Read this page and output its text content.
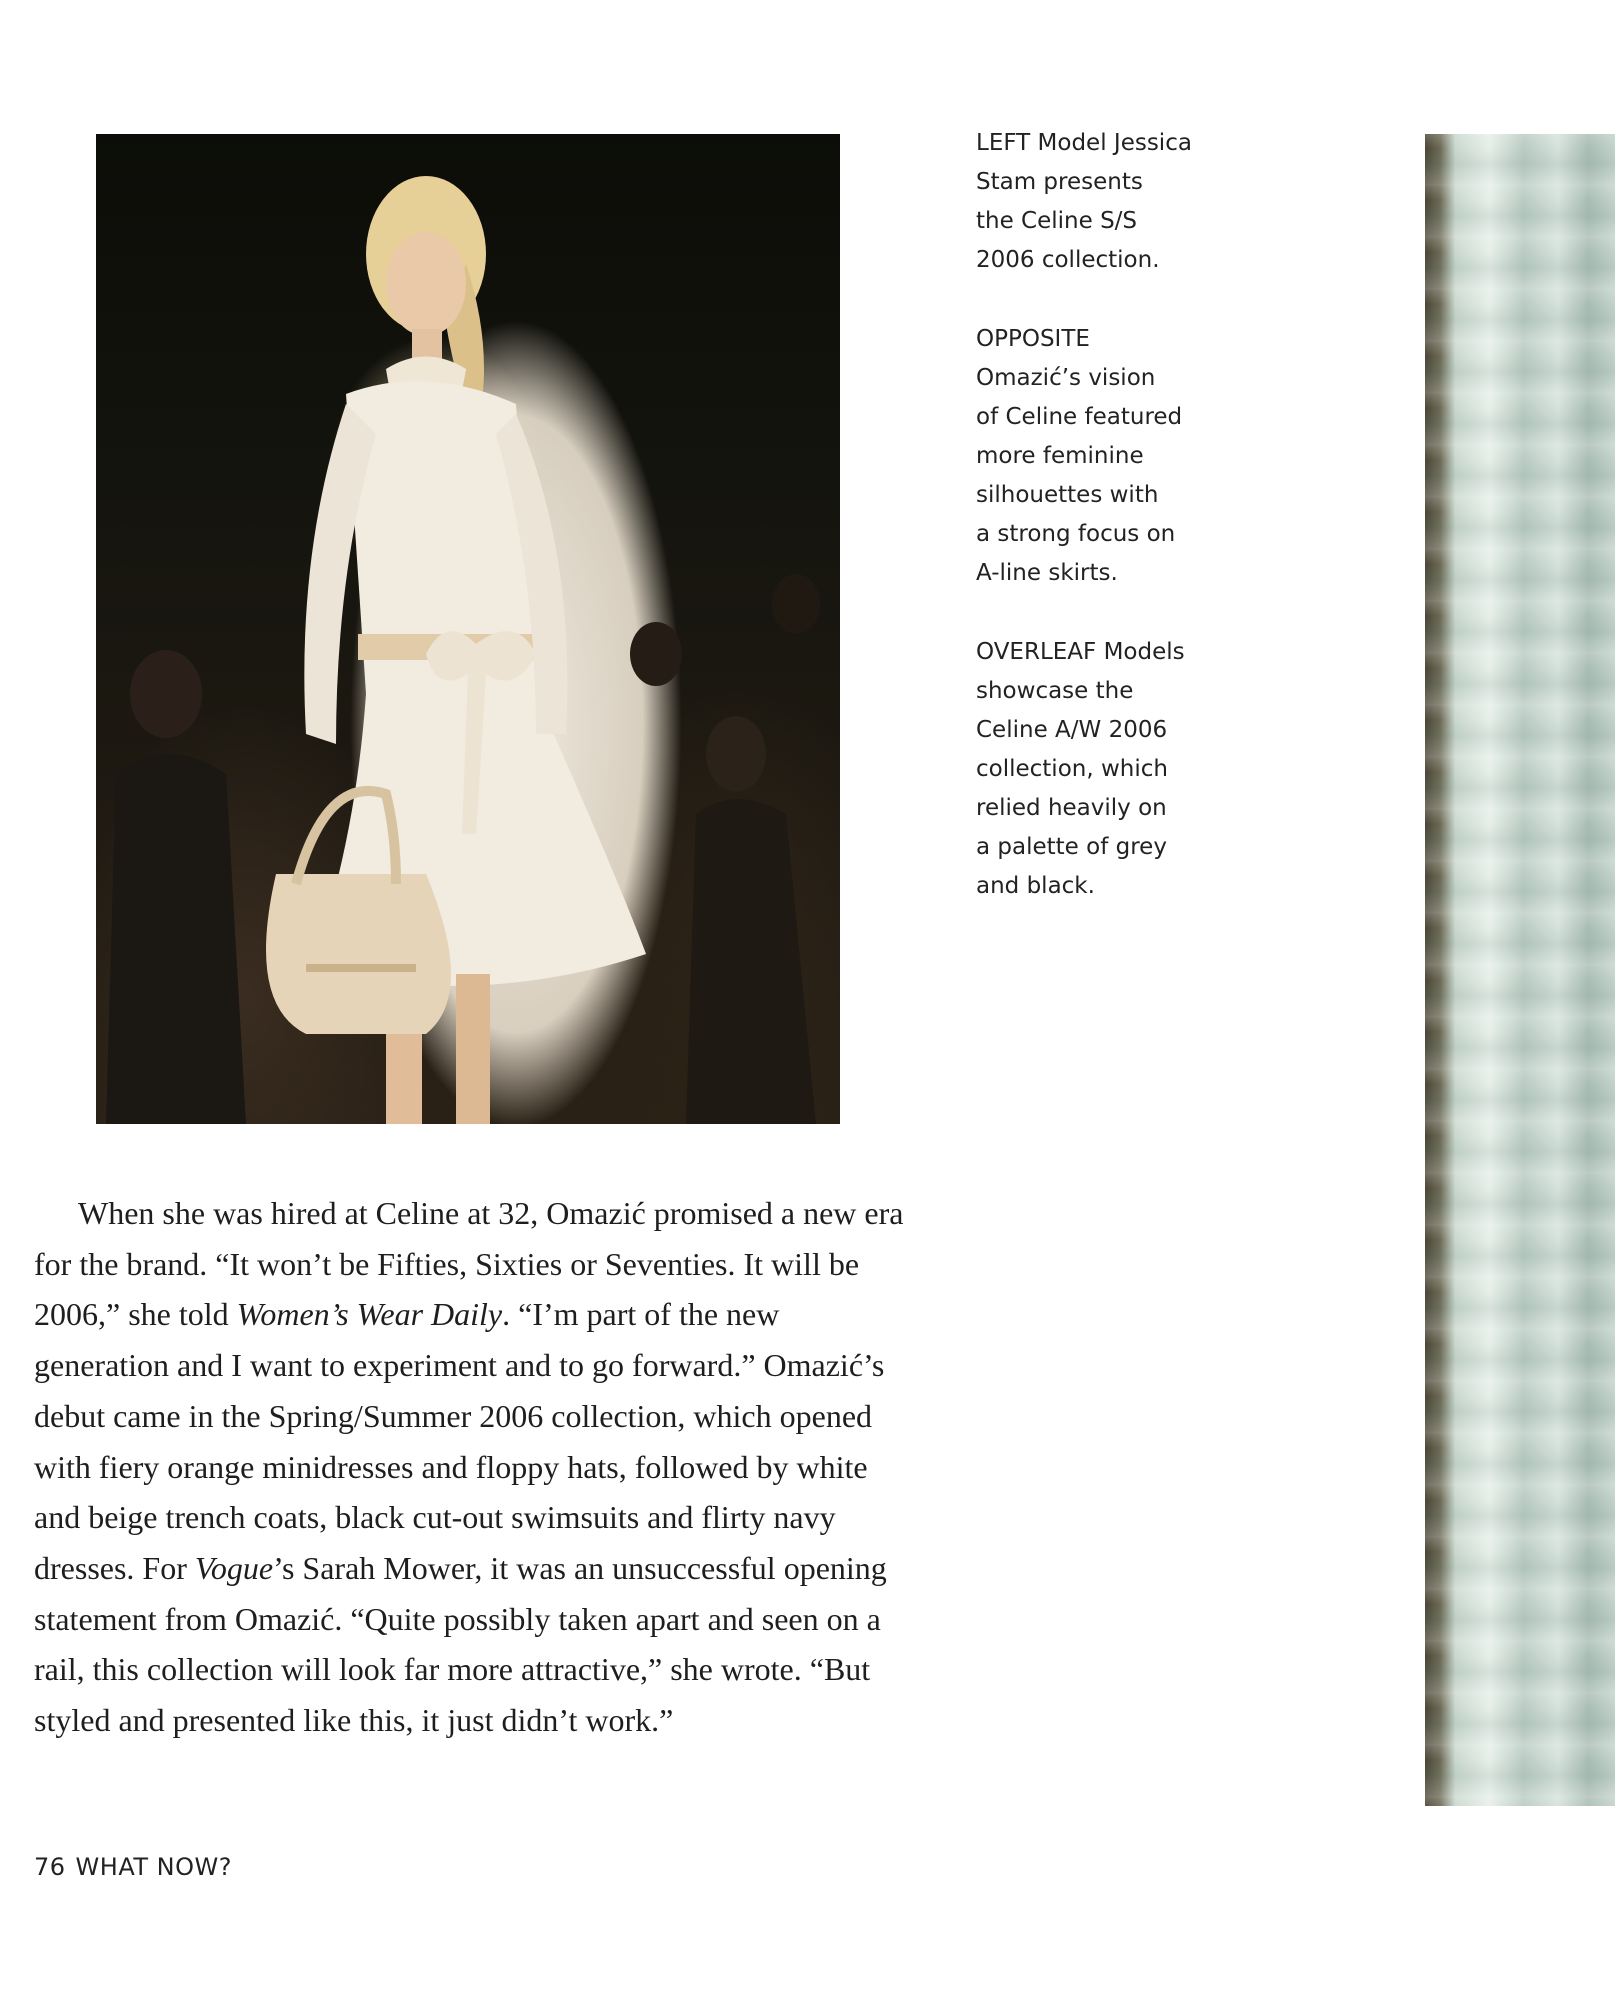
LEFT Model Jessica
Stam presents
the Celine S/S
2006 collection.

OPPOSITE
Omazić’s vision
of Celine featured
more feminine
silhouettes with
a strong focus on
A-line skirts.

OVERLEAF Models
showcase the
Celine A/W 2006
collection, which
relied heavily on
a palette of grey
and black.

When she was hired at Celine at 32, Omazić promised a new era for the brand. “It won’t be Fifties, Sixties or Seventies. It will be 2006,” she told Women’s Wear Daily. “I’m part of the new generation and I want to experiment and to go forward.” Omazić’s debut came in the Spring/Summer 2006 collection, which opened with fiery orange minidresses and floppy hats, followed by white and beige trench coats, black cut-out swimsuits and flirty navy dresses. For Vogue’s Sarah Mower, it was an unsuccessful opening statement from Omazić. “Quite possibly taken apart and seen on a rail, this collection will look far more attractive,” she wrote. “But styled and presented like this, it just didn’t work.”

76 WHAT NOW?
